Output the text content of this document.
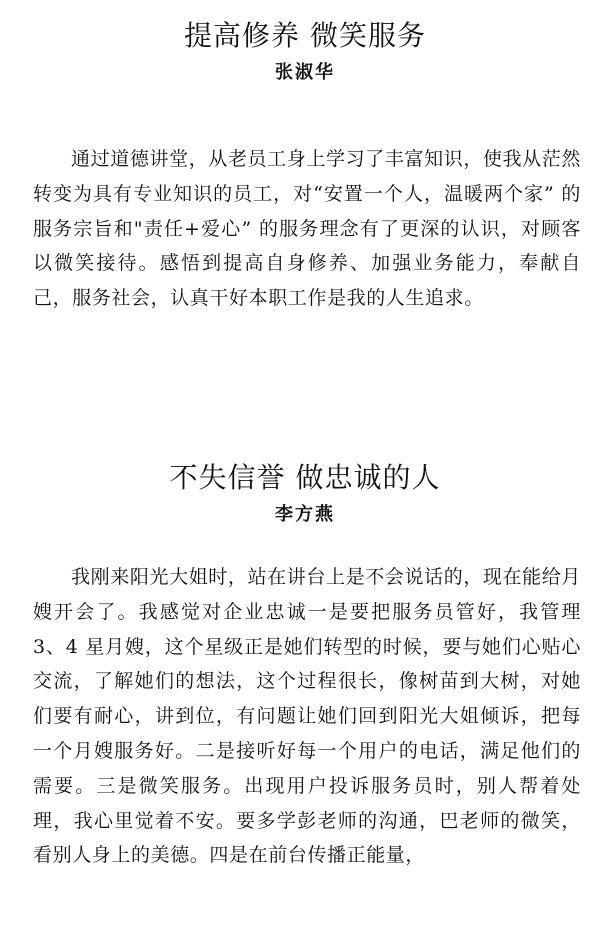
提高修养 微笑服务
张淑华

通过道德讲堂，从老员工身上学习了丰富知识，使我从茫然转变为具有专业知识的员工，对“安置一个人，温暖两个家” 的服务宗旨和"责任+爱心” 的服务理念有了更深的认识，对顾客以微笑接待。感悟到提高自身修养、加强业务能力，奉献自己，服务社会，认真干好本职工作是我的人生追求。

不失信誉 做忠诚的人
李方燕

我刚来阳光大姐时，站在讲台上是不会说话的，现在能给月嫂开会了。我感觉对企业忠诚一是要把服务员管好，我管理 3、4 星月嫂，这个星级正是她们转型的时候，要与她们心贴心交流，了解她们的想法，这个过程很长，像树苗到大树，对她们要有耐心，讲到位，有问题让她们回到阳光大姐倾诉，把每一个月嫂服务好。二是接听好每一个用户的电话，满足他们的需要。三是微笑服务。出现用户投诉服务员时，别人帮着处理，我心里觉着不安。要多学彭老师的沟通，巴老师的微笑，看别人身上的美德。四是在前台传播正能量，
